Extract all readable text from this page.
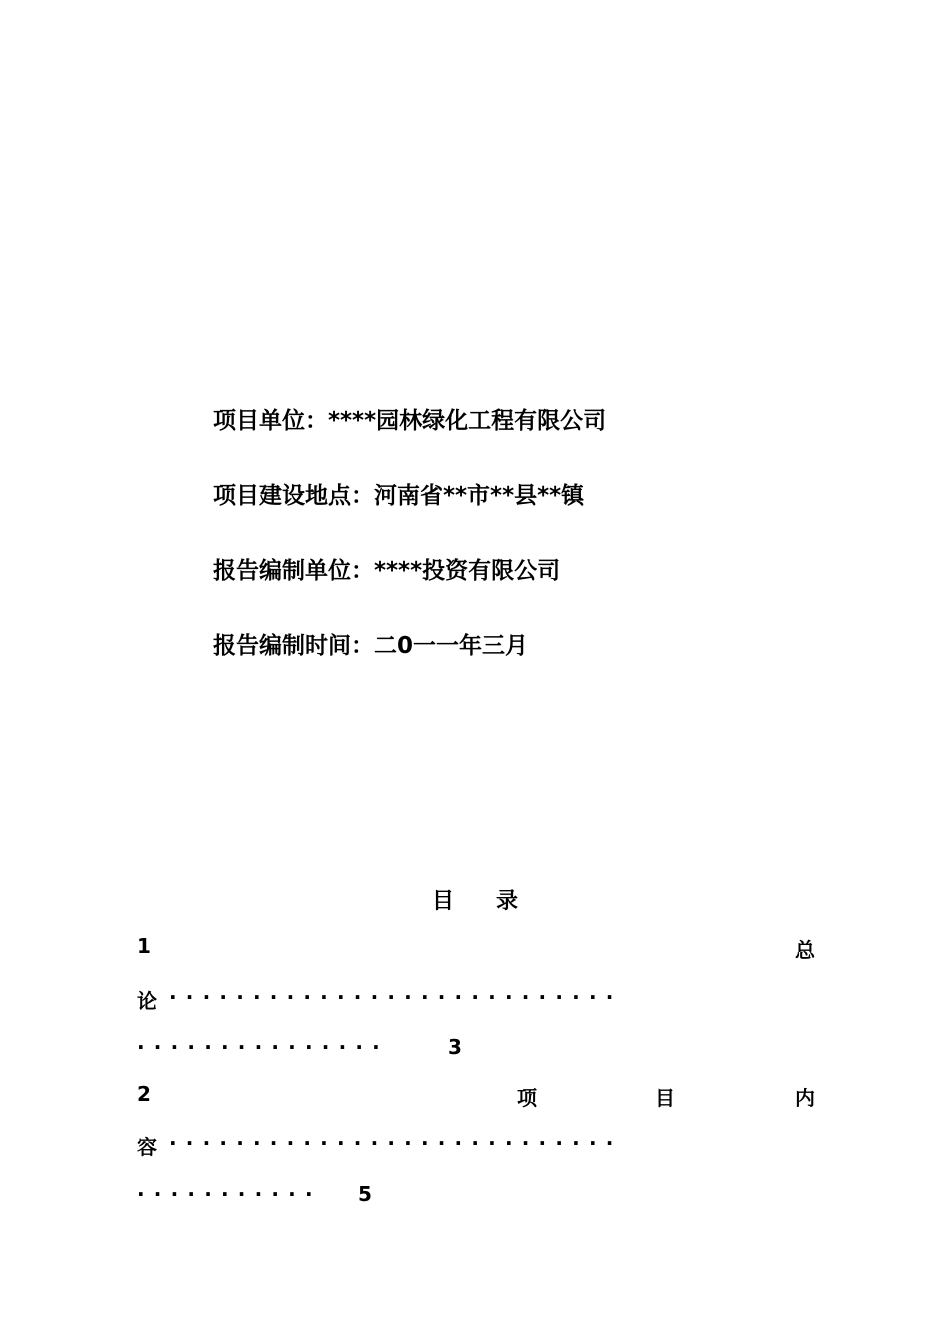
项目单位：****园林绿化工程有限公司
项目建设地点：河南省**市**县**镇
报告编制单位：****投资有限公司
报告编制时间：二0一一年三月
目 录
1	总
论 ···························
···············	3
2	项	目	内
容 ···························
··········· 5
